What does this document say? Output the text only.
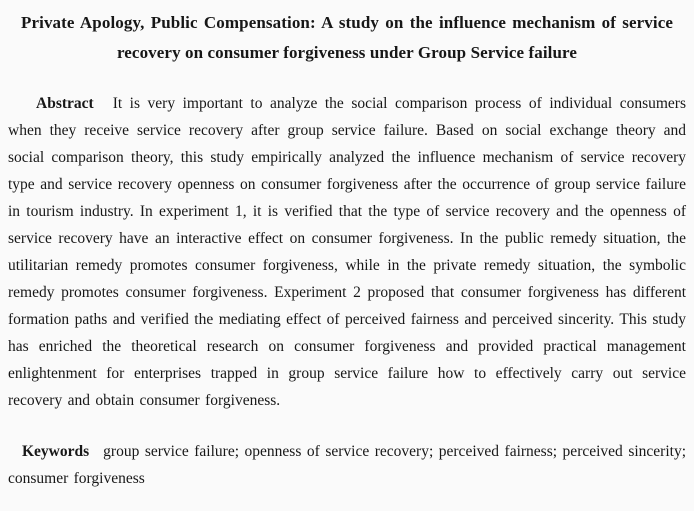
Private Apology, Public Compensation: A study on the influence mechanism of service recovery on consumer forgiveness under Group Service failure

Abstract It is very important to analyze the social comparison process of individual consumers when they receive service recovery after group service failure. Based on social exchange theory and social comparison theory, this study empirically analyzed the influence mechanism of service recovery type and service recovery openness on consumer forgiveness after the occurrence of group service failure in tourism industry. In experiment 1, it is verified that the type of service recovery and the openness of service recovery have an interactive effect on consumer forgiveness. In the public remedy situation, the utilitarian remedy promotes consumer forgiveness, while in the private remedy situation, the symbolic remedy promotes consumer forgiveness. Experiment 2 proposed that consumer forgiveness has different formation paths and verified the mediating effect of perceived fairness and perceived sincerity. This study has enriched the theoretical research on consumer forgiveness and provided practical management enlightenment for enterprises trapped in group service failure how to effectively carry out service recovery and obtain consumer forgiveness.

Keywords group service failure; openness of service recovery; perceived fairness; perceived sincerity; consumer forgiveness
